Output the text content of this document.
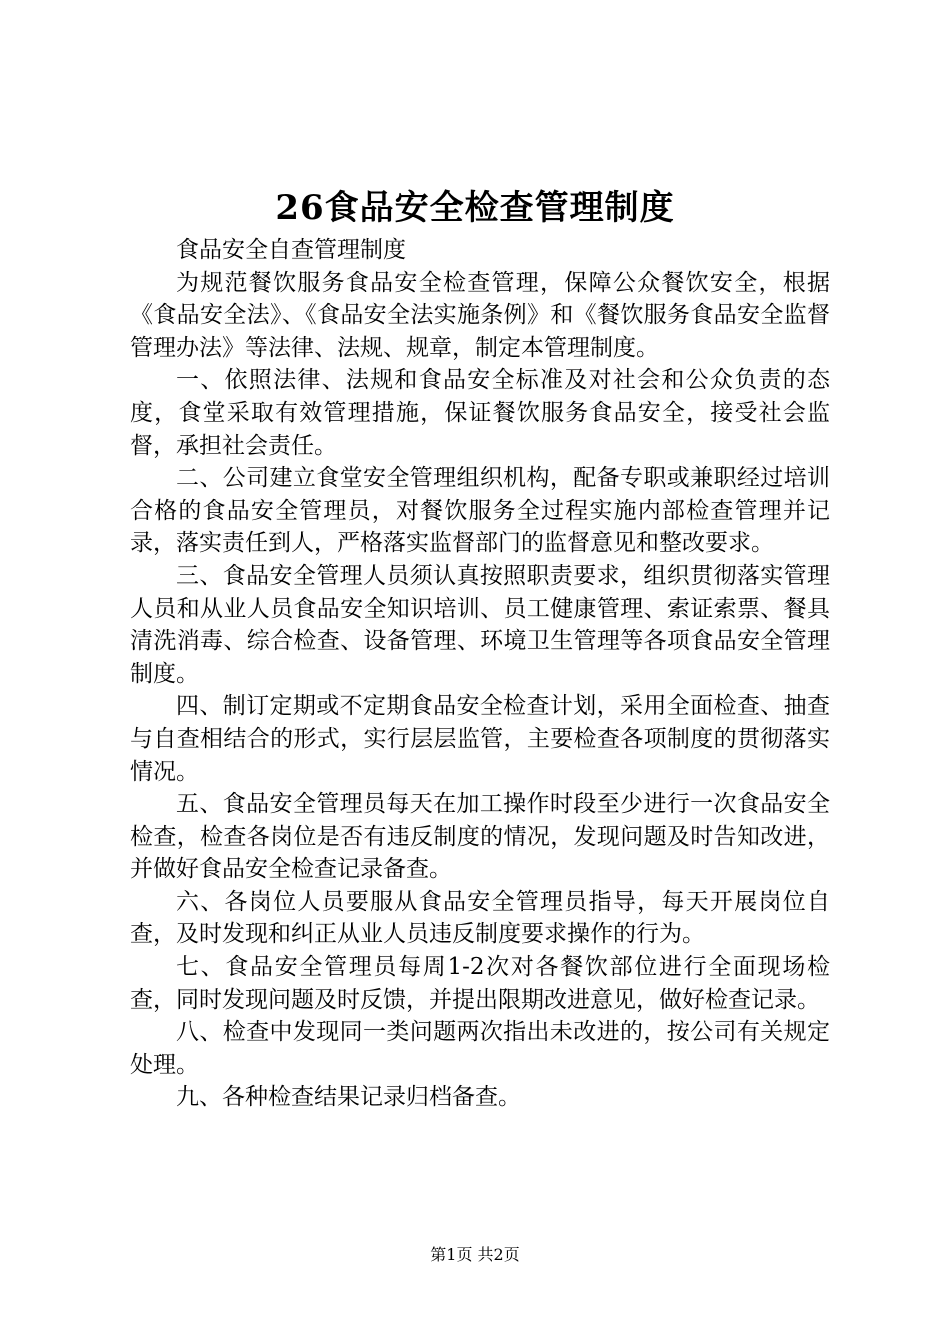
26食品安全检查管理制度

食品安全自查管理制度

为规范餐饮服务食品安全检查管理，保障公众餐饮安全，根据《食品安全法》、《食品安全法实施条例》和《餐饮服务食品安全监督管理办法》等法律、法规、规章，制定本管理制度。

一、依照法律、法规和食品安全标准及对社会和公众负责的态度，食堂采取有效管理措施，保证餐饮服务食品安全，接受社会监督，承担社会责任。

二、公司建立食堂安全管理组织机构，配备专职或兼职经过培训合格的食品安全管理员，对餐饮服务全过程实施内部检查管理并记录，落实责任到人，严格落实监督部门的监督意见和整改要求。

三、食品安全管理人员须认真按照职责要求，组织贯彻落实管理人员和从业人员食品安全知识培训、员工健康管理、索证索票、餐具清洗消毒、综合检查、设备管理、环境卫生管理等各项食品安全管理制度。

四、制订定期或不定期食品安全检查计划，采用全面检查、抽查与自查相结合的形式，实行层层监管，主要检查各项制度的贯彻落实情况。

五、食品安全管理员每天在加工操作时段至少进行一次食品安全检查，检查各岗位是否有违反制度的情况，发现问题及时告知改进，并做好食品安全检查记录备查。

六、各岗位人员要服从食品安全管理员指导，每天开展岗位自查，及时发现和纠正从业人员违反制度要求操作的行为。

七、食品安全管理员每周1-2次对各餐饮部位进行全面现场检查，同时发现问题及时反馈，并提出限期改进意见，做好检查记录。

八、检查中发现同一类问题两次指出未改进的，按公司有关规定处理。

九、各种检查结果记录归档备查。

第1页 共2页
